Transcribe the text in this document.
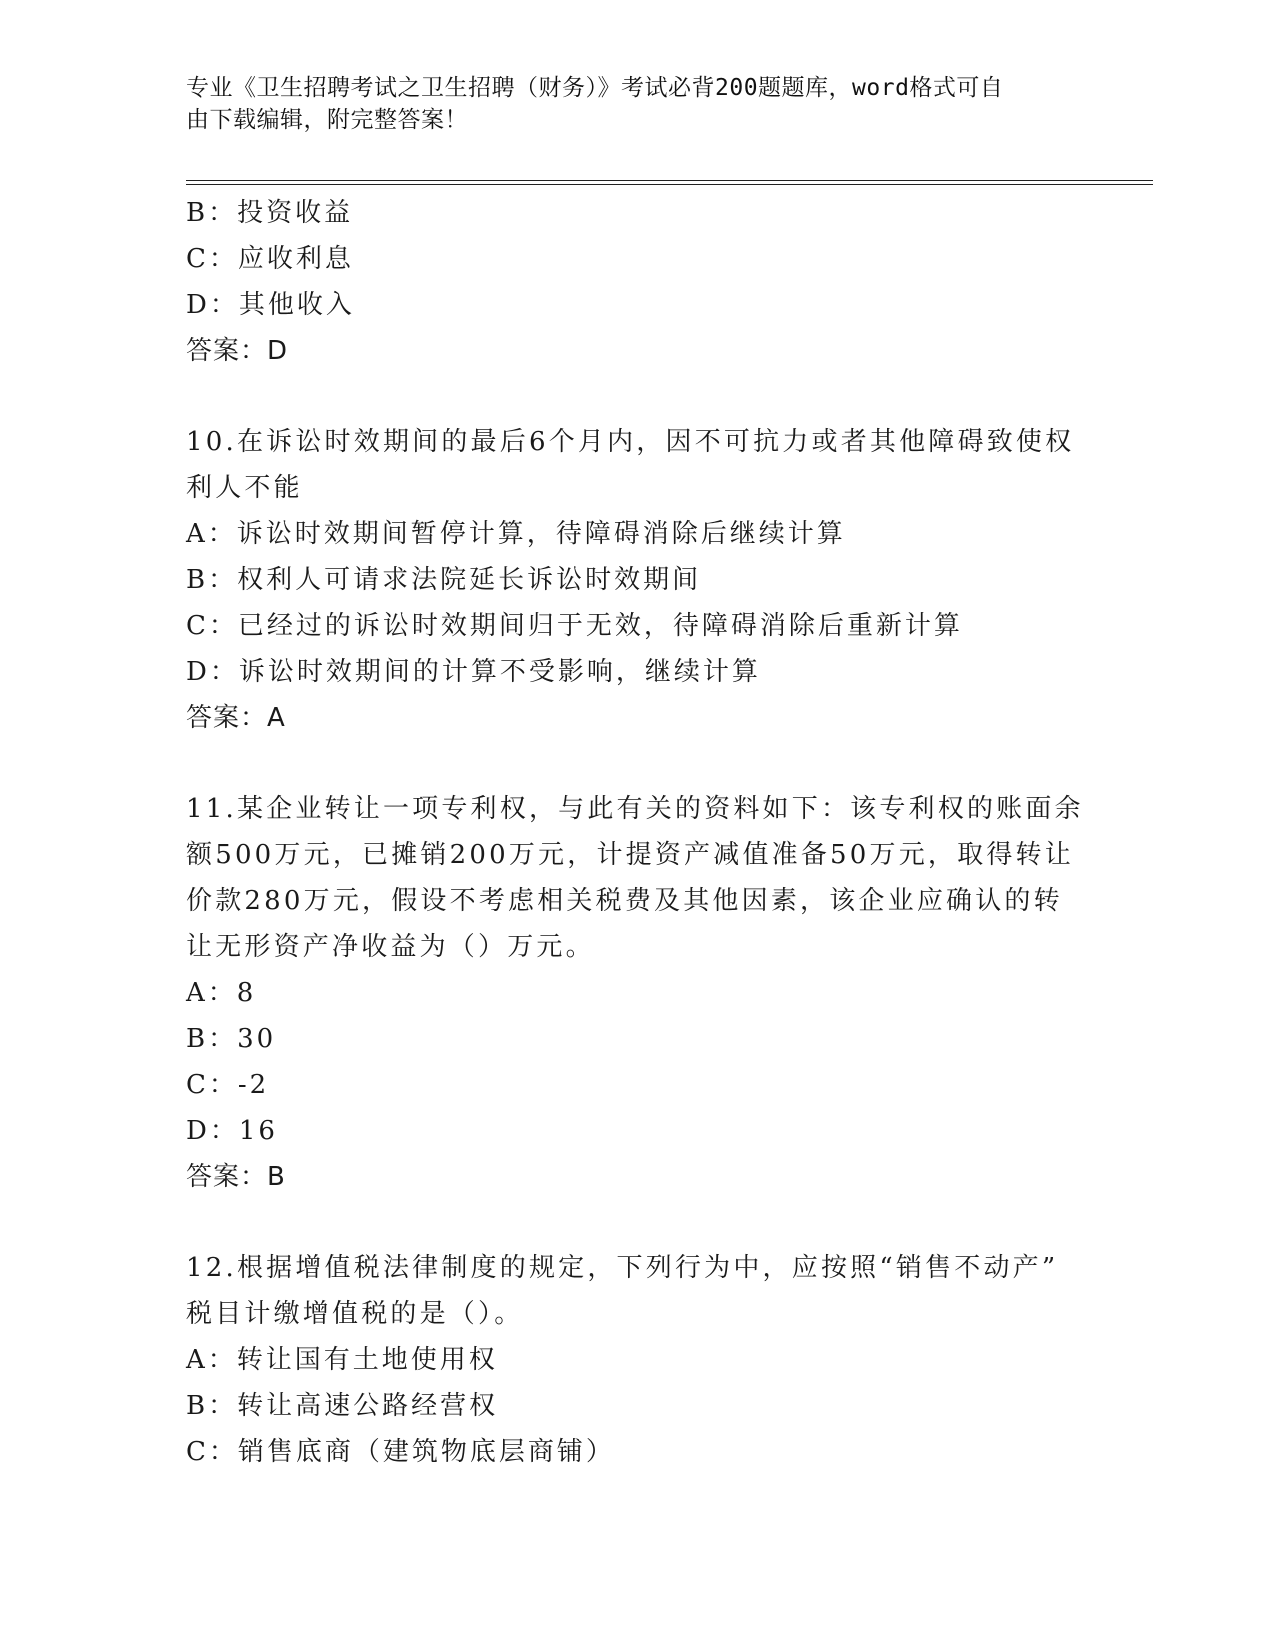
专业《卫生招聘考试之卫生招聘（财务）》考试必背200题题库，word格式可自
由下载编辑，附完整答案！
B：投资收益
C：应收利息
D：其他收入
答案：D
10.在诉讼时效期间的最后6个月内，因不可抗力或者其他障碍致使权
利人不能
A：诉讼时效期间暂停计算，待障碍消除后继续计算
B：权利人可请求法院延长诉讼时效期间
C：已经过的诉讼时效期间归于无效，待障碍消除后重新计算
D：诉讼时效期间的计算不受影响，继续计算
答案：A
11.某企业转让一项专利权，与此有关的资料如下：该专利权的账面余
额500万元，已摊销200万元，计提资产减值准备50万元，取得转让
价款280万元，假设不考虑相关税费及其他因素，该企业应确认的转
让无形资产净收益为（）万元。
A：8
B：30
C：-2
D：16
答案：B
12.根据增值税法律制度的规定，下列行为中，应按照“销售不动产”
税目计缴增值税的是（）。
A：转让国有土地使用权
B：转让高速公路经营权
C：销售底商（建筑物底层商铺）
